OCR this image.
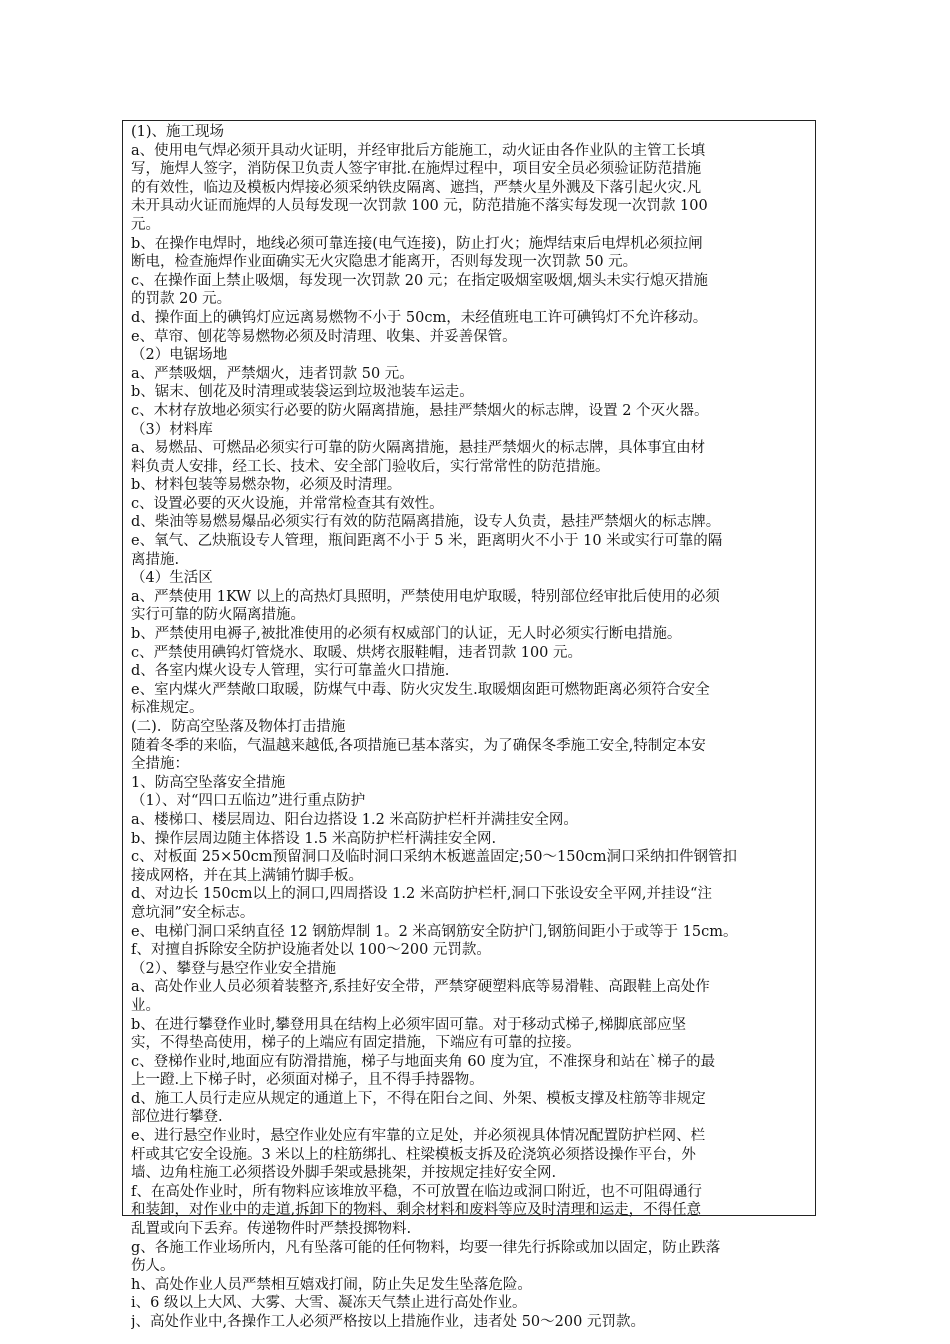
(1)、施工现场
a、使用电气焊必须开具动火证明，并经审批后方能施工，动火证由各作业队的主管工长填
写，施焊人签字，消防保卫负责人签字审批.在施焊过程中，项目安全员必须验证防范措施
的有效性，临边及模板内焊接必须采纳铁皮隔离、遮挡，严禁火星外溅及下落引起火灾.凡
未开具动火证而施焊的人员每发现一次罚款 100 元，防范措施不落实每发现一次罚款 100
元。
b、在操作电焊时，地线必须可靠连接(电气连接)，防止打火；施焊结束后电焊机必须拉闸
断电，检查施焊作业面确实无火灾隐患才能离开，否则每发现一次罚款 50 元。
c、在操作面上禁止吸烟，每发现一次罚款 20 元；在指定吸烟室吸烟,烟头未实行熄灭措施
的罚款 20 元。
d、操作面上的碘钨灯应远离易燃物不小于 50cm，未经值班电工许可碘钨灯不允许移动。
e、草帘、刨花等易燃物必须及时清理、收集、并妥善保管。
（2）电锯场地
a、严禁吸烟，严禁烟火，违者罚款 50 元。
b、锯末、刨花及时清理或装袋运到垃圾池装车运走。
c、木材存放地必须实行必要的防火隔离措施，悬挂严禁烟火的标志牌，设置 2 个灭火器。
（3）材料库
a、易燃品、可燃品必须实行可靠的防火隔离措施，悬挂严禁烟火的标志牌，具体事宜由材
料负责人安排，经工长、技术、安全部门验收后，实行常常性的防范措施。
b、材料包装等易燃杂物，必须及时清理。
c、设置必要的灭火设施，并常常检查其有效性。
d、柴油等易燃易爆品必须实行有效的防范隔离措施，设专人负责，悬挂严禁烟火的标志牌。
e、氧气、乙炔瓶设专人管理，瓶间距离不小于 5 米，距离明火不小于 10 米或实行可靠的隔
离措施.
（4）生活区
a、严禁使用 1KW 以上的高热灯具照明，严禁使用电炉取暖，特别部位经审批后使用的必须
实行可靠的防火隔离措施。
b、严禁使用电褥子,被批准使用的必须有权威部门的认证，无人时必须实行断电措施。
c、严禁使用碘钨灯管烧水、取暖、烘烤衣服鞋帽，违者罚款 100 元。
d、各室内煤火设专人管理，实行可靠盖火口措施.
e、室内煤火严禁敞口取暖，防煤气中毒、防火灾发生.取暖烟囱距可燃物距离必须符合安全
标准规定。
(二)．防高空坠落及物体打击措施
随着冬季的来临，气温越来越低,各项措施已基本落实，为了确保冬季施工安全,特制定本安
全措施：
1、防高空坠落安全措施
（1）、对“四口五临边”进行重点防护
a、楼梯口、楼层周边、阳台边搭设 1.2 米高防护栏杆并满挂安全网。
b、操作层周边随主体搭设 1.5 米高防护栏杆满挂安全网.
c、对板面 25×50cm预留洞口及临时洞口采纳木板遮盖固定;50～150cm洞口采纳扣件钢管扣
接成网格，并在其上满铺竹脚手板。
d、对边长 150cm以上的洞口,四周搭设 1.2 米高防护栏杆,洞口下张设安全平网,并挂设“注
意坑洞”安全标志。
e、电梯门洞口采纳直径 12 钢筋焊制 1。2 米高钢筋安全防护门,钢筋间距小于或等于 15cm。
f、对擅自拆除安全防护设施者处以 100～200 元罚款。
（2）、攀登与悬空作业安全措施
a、高处作业人员必须着装整齐,系挂好安全带，严禁穿硬塑料底等易滑鞋、高跟鞋上高处作
业。
b、在进行攀登作业时,攀登用具在结构上必须牢固可靠。对于移动式梯子,梯脚底部应坚
实，不得垫高使用，梯子的上端应有固定措施，下端应有可靠的拉接。
c、登梯作业时,地面应有防滑措施，梯子与地面夹角 60 度为宜，不准探身和站在`梯子的最
上一蹬.上下梯子时，必须面对梯子，且不得手持器物。
d、施工人员行走应从规定的通道上下，不得在阳台之间、外架、模板支撑及柱筋等非规定
部位进行攀登.
e、进行悬空作业时，悬空作业处应有牢靠的立足处，并必须视具体情况配置防护栏网、栏
杆或其它安全设施。3 米以上的柱筋绑扎、柱梁模板支拆及砼浇筑必须搭设操作平台，外
墙、边角柱施工必须搭设外脚手架或悬挑架，并按规定挂好安全网.
f、在高处作业时，所有物料应该堆放平稳，不可放置在临边或洞口附近，也不可阻碍通行
和装卸，对作业中的走道,拆卸下的物料、剩余材料和废料等应及时清理和运走，不得任意
乱置或向下丢弃。传递物件时严禁投掷物料.
g、各施工作业场所内，凡有坠落可能的任何物料，均要一律先行拆除或加以固定，防止跌落
伤人。
h、高处作业人员严禁相互嬉戏打闹，防止失足发生坠落危险。
i、6 级以上大风、大雾、大雪、凝冻天气禁止进行高处作业。
j、高处作业中,各操作工人必须严格按以上措施作业，违者处 50～200 元罚款。
